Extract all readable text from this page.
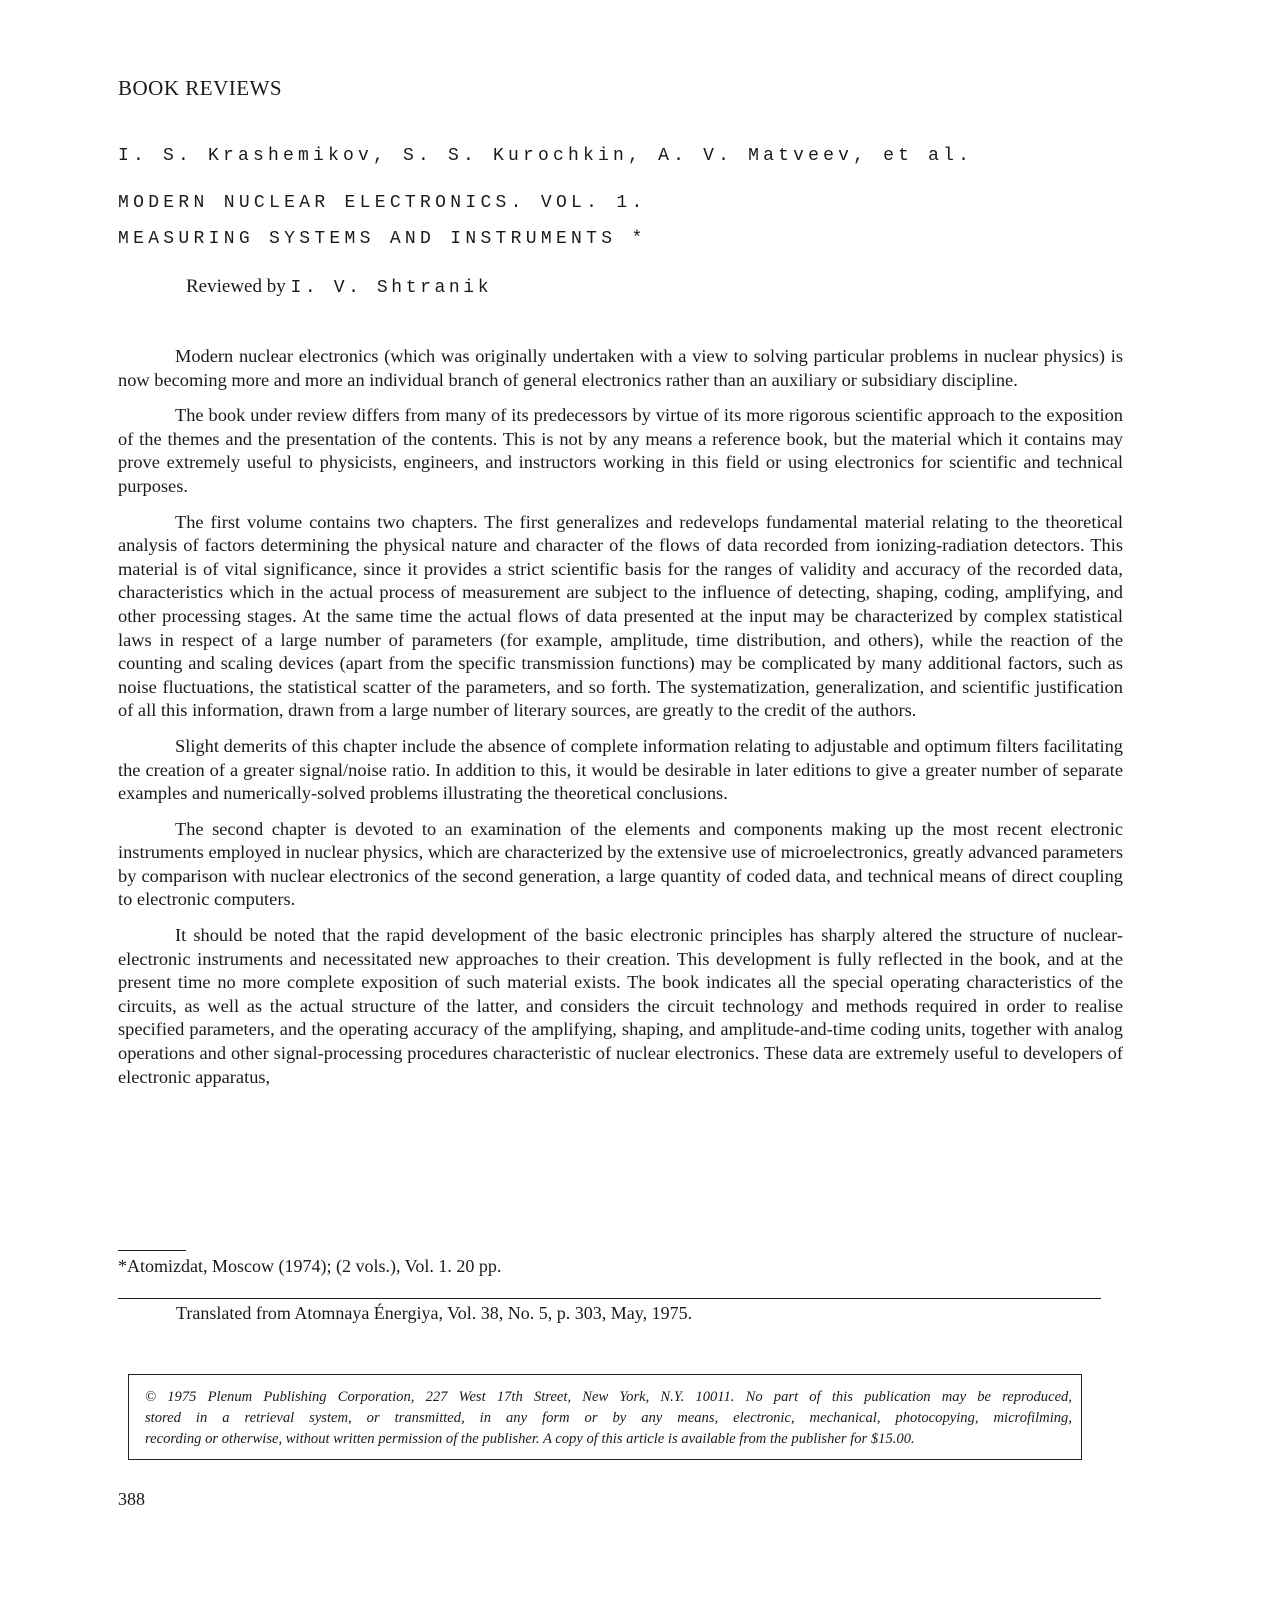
BOOK REVIEWS
I. S. Krashemikov, S. S. Kurochkin, A. V. Matveev, et al.
MODERN NUCLEAR ELECTRONICS. VOL. 1.
MEASURING SYSTEMS AND INSTRUMENTS *
Reviewed by I. V. Shtranik

Modern nuclear electronics (which was originally undertaken with a view to solving particular problems in nuclear physics) is now becoming more and more an individual branch of general electronics rather than an auxiliary or subsidiary discipline.

The book under review differs from many of its predecessors by virtue of its more rigorous scientific approach to the exposition of the themes and the presentation of the contents. This is not by any means a reference book, but the material which it contains may prove extremely useful to physicists, engineers, and instructors working in this field or using electronics for scientific and technical purposes.

The first volume contains two chapters. The first generalizes and redevelops fundamental material relating to the theoretical analysis of factors determining the physical nature and character of the flows of data recorded from ionizing-radiation detectors. This material is of vital significance, since it provides a strict scientific basis for the ranges of validity and accuracy of the recorded data, characteristics which in the actual process of measurement are subject to the influence of detecting, shaping, coding, amplifying, and other processing stages. At the same time the actual flows of data presented at the input may be characterized by complex statistical laws in respect of a large number of parameters (for example, amplitude, time distribution, and others), while the reaction of the counting and scaling devices (apart from the specific transmission functions) may be complicated by many additional factors, such as noise fluctuations, the statistical scatter of the parameters, and so forth. The systematization, generalization, and scientific justification of all this information, drawn from a large number of literary sources, are greatly to the credit of the authors.

Slight demerits of this chapter include the absence of complete information relating to adjustable and optimum filters facilitating the creation of a greater signal/noise ratio. In addition to this, it would be desirable in later editions to give a greater number of separate examples and numerically-solved problems illustrating the theoretical conclusions.

The second chapter is devoted to an examination of the elements and components making up the most recent electronic instruments employed in nuclear physics, which are characterized by the extensive use of microelectronics, greatly advanced parameters by comparison with nuclear electronics of the second generation, a large quantity of coded data, and technical means of direct coupling to electronic computers.

It should be noted that the rapid development of the basic electronic principles has sharply altered the structure of nuclear-electronic instruments and necessitated new approaches to their creation. This development is fully reflected in the book, and at the present time no more complete exposition of such material exists. The book indicates all the special operating characteristics of the circuits, as well as the actual structure of the latter, and considers the circuit technology and methods required in order to realise specified parameters, and the operating accuracy of the amplifying, shaping, and amplitude-and-time coding units, together with analog operations and other signal-processing procedures characteristic of nuclear electronics. These data are extremely useful to developers of electronic apparatus,

*Atomizdat, Moscow (1974); (2 vols.), Vol. 1. 20 pp.
Translated from Atomnaya Énergiya, Vol. 38, No. 5, p. 303, May, 1975.
© 1975 Plenum Publishing Corporation, 227 West 17th Street, New York, N.Y. 10011. No part of this publication may be reproduced,
stored in a retrieval system, or transmitted, in any form or by any means, electronic, mechanical, photocopying, microfilming,
recording or otherwise, without written permission of the publisher. A copy of this article is available from the publisher for $15.00.
388
